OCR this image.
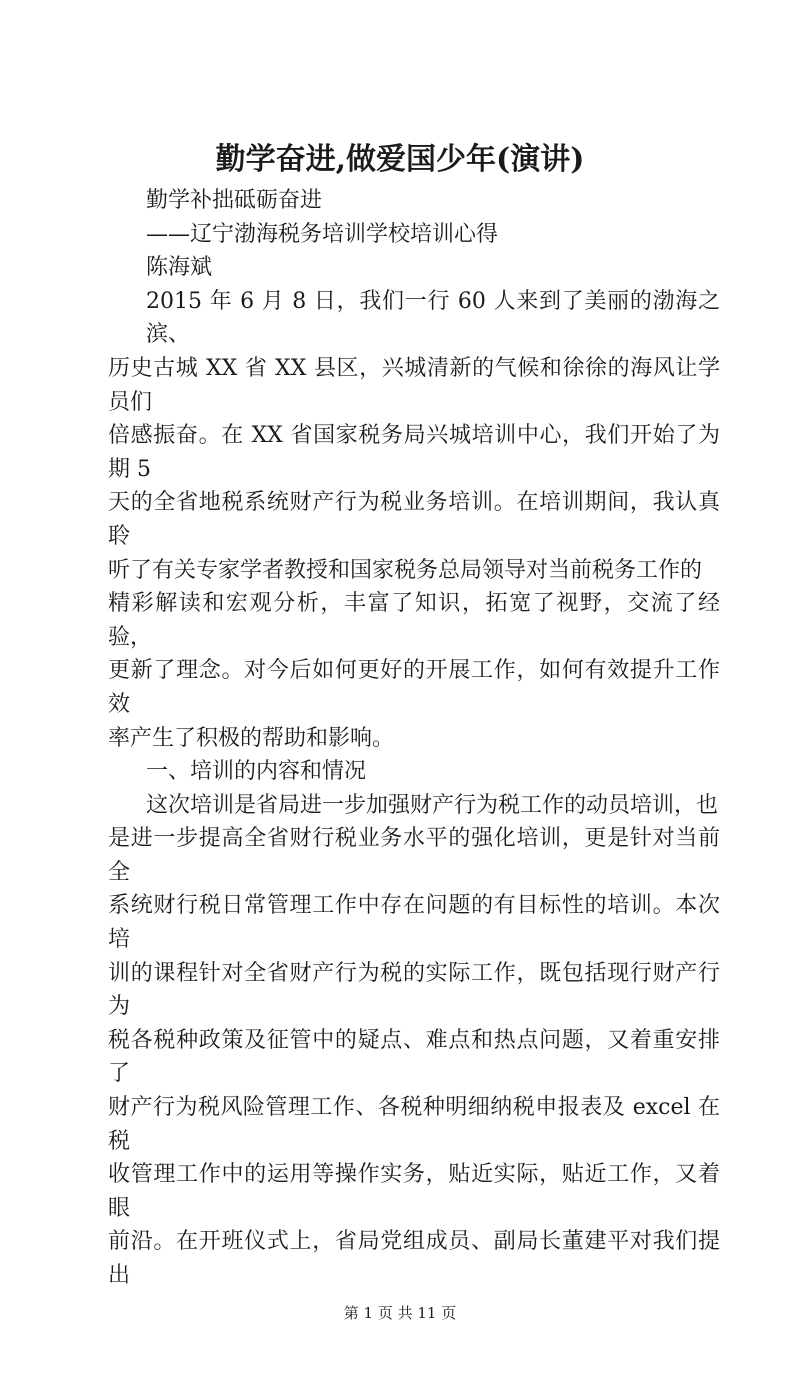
勤学奋进,做爱国少年(演讲)
勤学补拙砥砺奋进
——辽宁渤海税务培训学校培训心得
陈海斌
2015 年 6 月 8 日，我们一行 60 人来到了美丽的渤海之滨、
历史古城 XX 省 XX 县区，兴城清新的气候和徐徐的海风让学员们
倍感振奋。在 XX 省国家税务局兴城培训中心，我们开始了为期 5
天的全省地税系统财产行为税业务培训。在培训期间，我认真聆
听了有关专家学者教授和国家税务总局领导对当前税务工作的
精彩解读和宏观分析，丰富了知识，拓宽了视野，交流了经验，
更新了理念。对今后如何更好的开展工作，如何有效提升工作效
率产生了积极的帮助和影响。
一、培训的内容和情况
这次培训是省局进一步加强财产行为税工作的动员培训，也
是进一步提高全省财行税业务水平的强化培训，更是针对当前全
系统财行税日常管理工作中存在问题的有目标性的培训。本次培
训的课程针对全省财产行为税的实际工作，既包括现行财产行为
税各税种政策及征管中的疑点、难点和热点问题，又着重安排了
财产行为税风险管理工作、各税种明细纳税申报表及 excel 在税
收管理工作中的运用等操作实务，贴近实际，贴近工作，又着眼
前沿。在开班仪式上，省局党组成员、副局长董建平对我们提出
第 1 页 共 11 页
